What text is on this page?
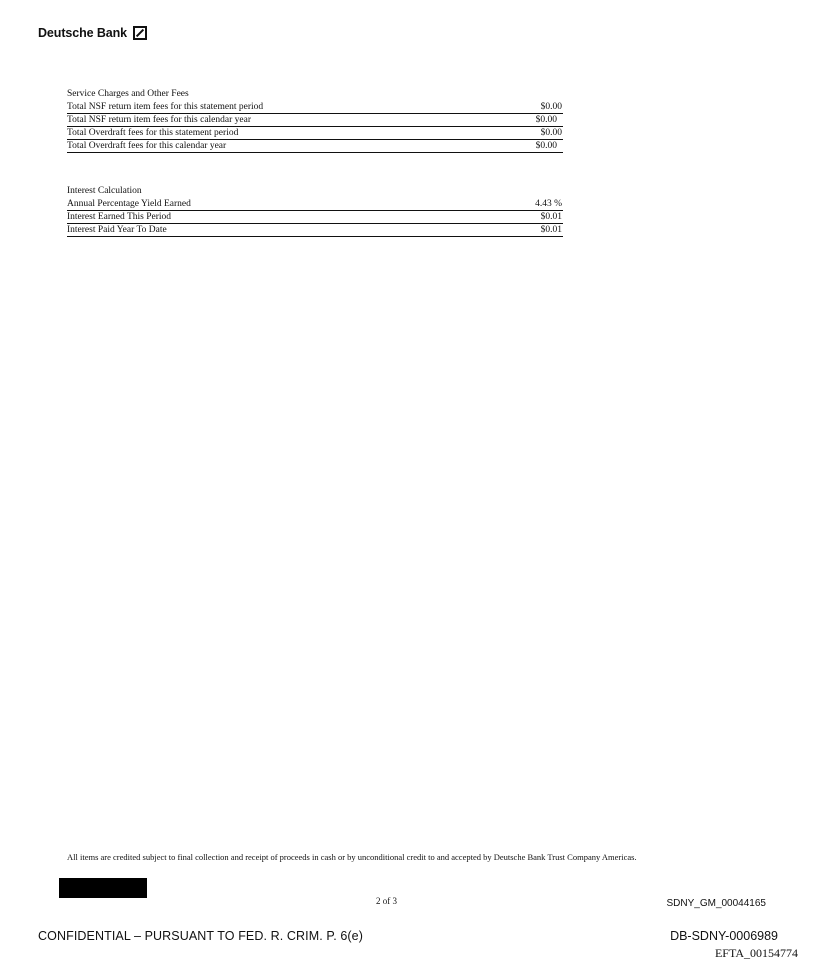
Deutsche Bank
Service Charges and Other Fees
Total NSF return item fees for this statement period	$0.00
Total NSF return item fees for this calendar year	$0.00
Total Overdraft fees for this statement period	$0.00
Total Overdraft fees for this calendar year	$0.00
Interest Calculation
Annual Percentage Yield Earned	4.43 %
Interest Earned This Period	$0.01
Interest Paid Year To Date	$0.01
All items are credited subject to final collection and receipt of proceeds in cash or by unconditional credit to and accepted by Deutsche Bank Trust Company Americas.
2 of 3	SDNY_GM_00044165
CONFIDENTIAL – PURSUANT TO FED. R. CRIM. P. 6(e)	DB-SDNY-0006989
EFTA_00154774
